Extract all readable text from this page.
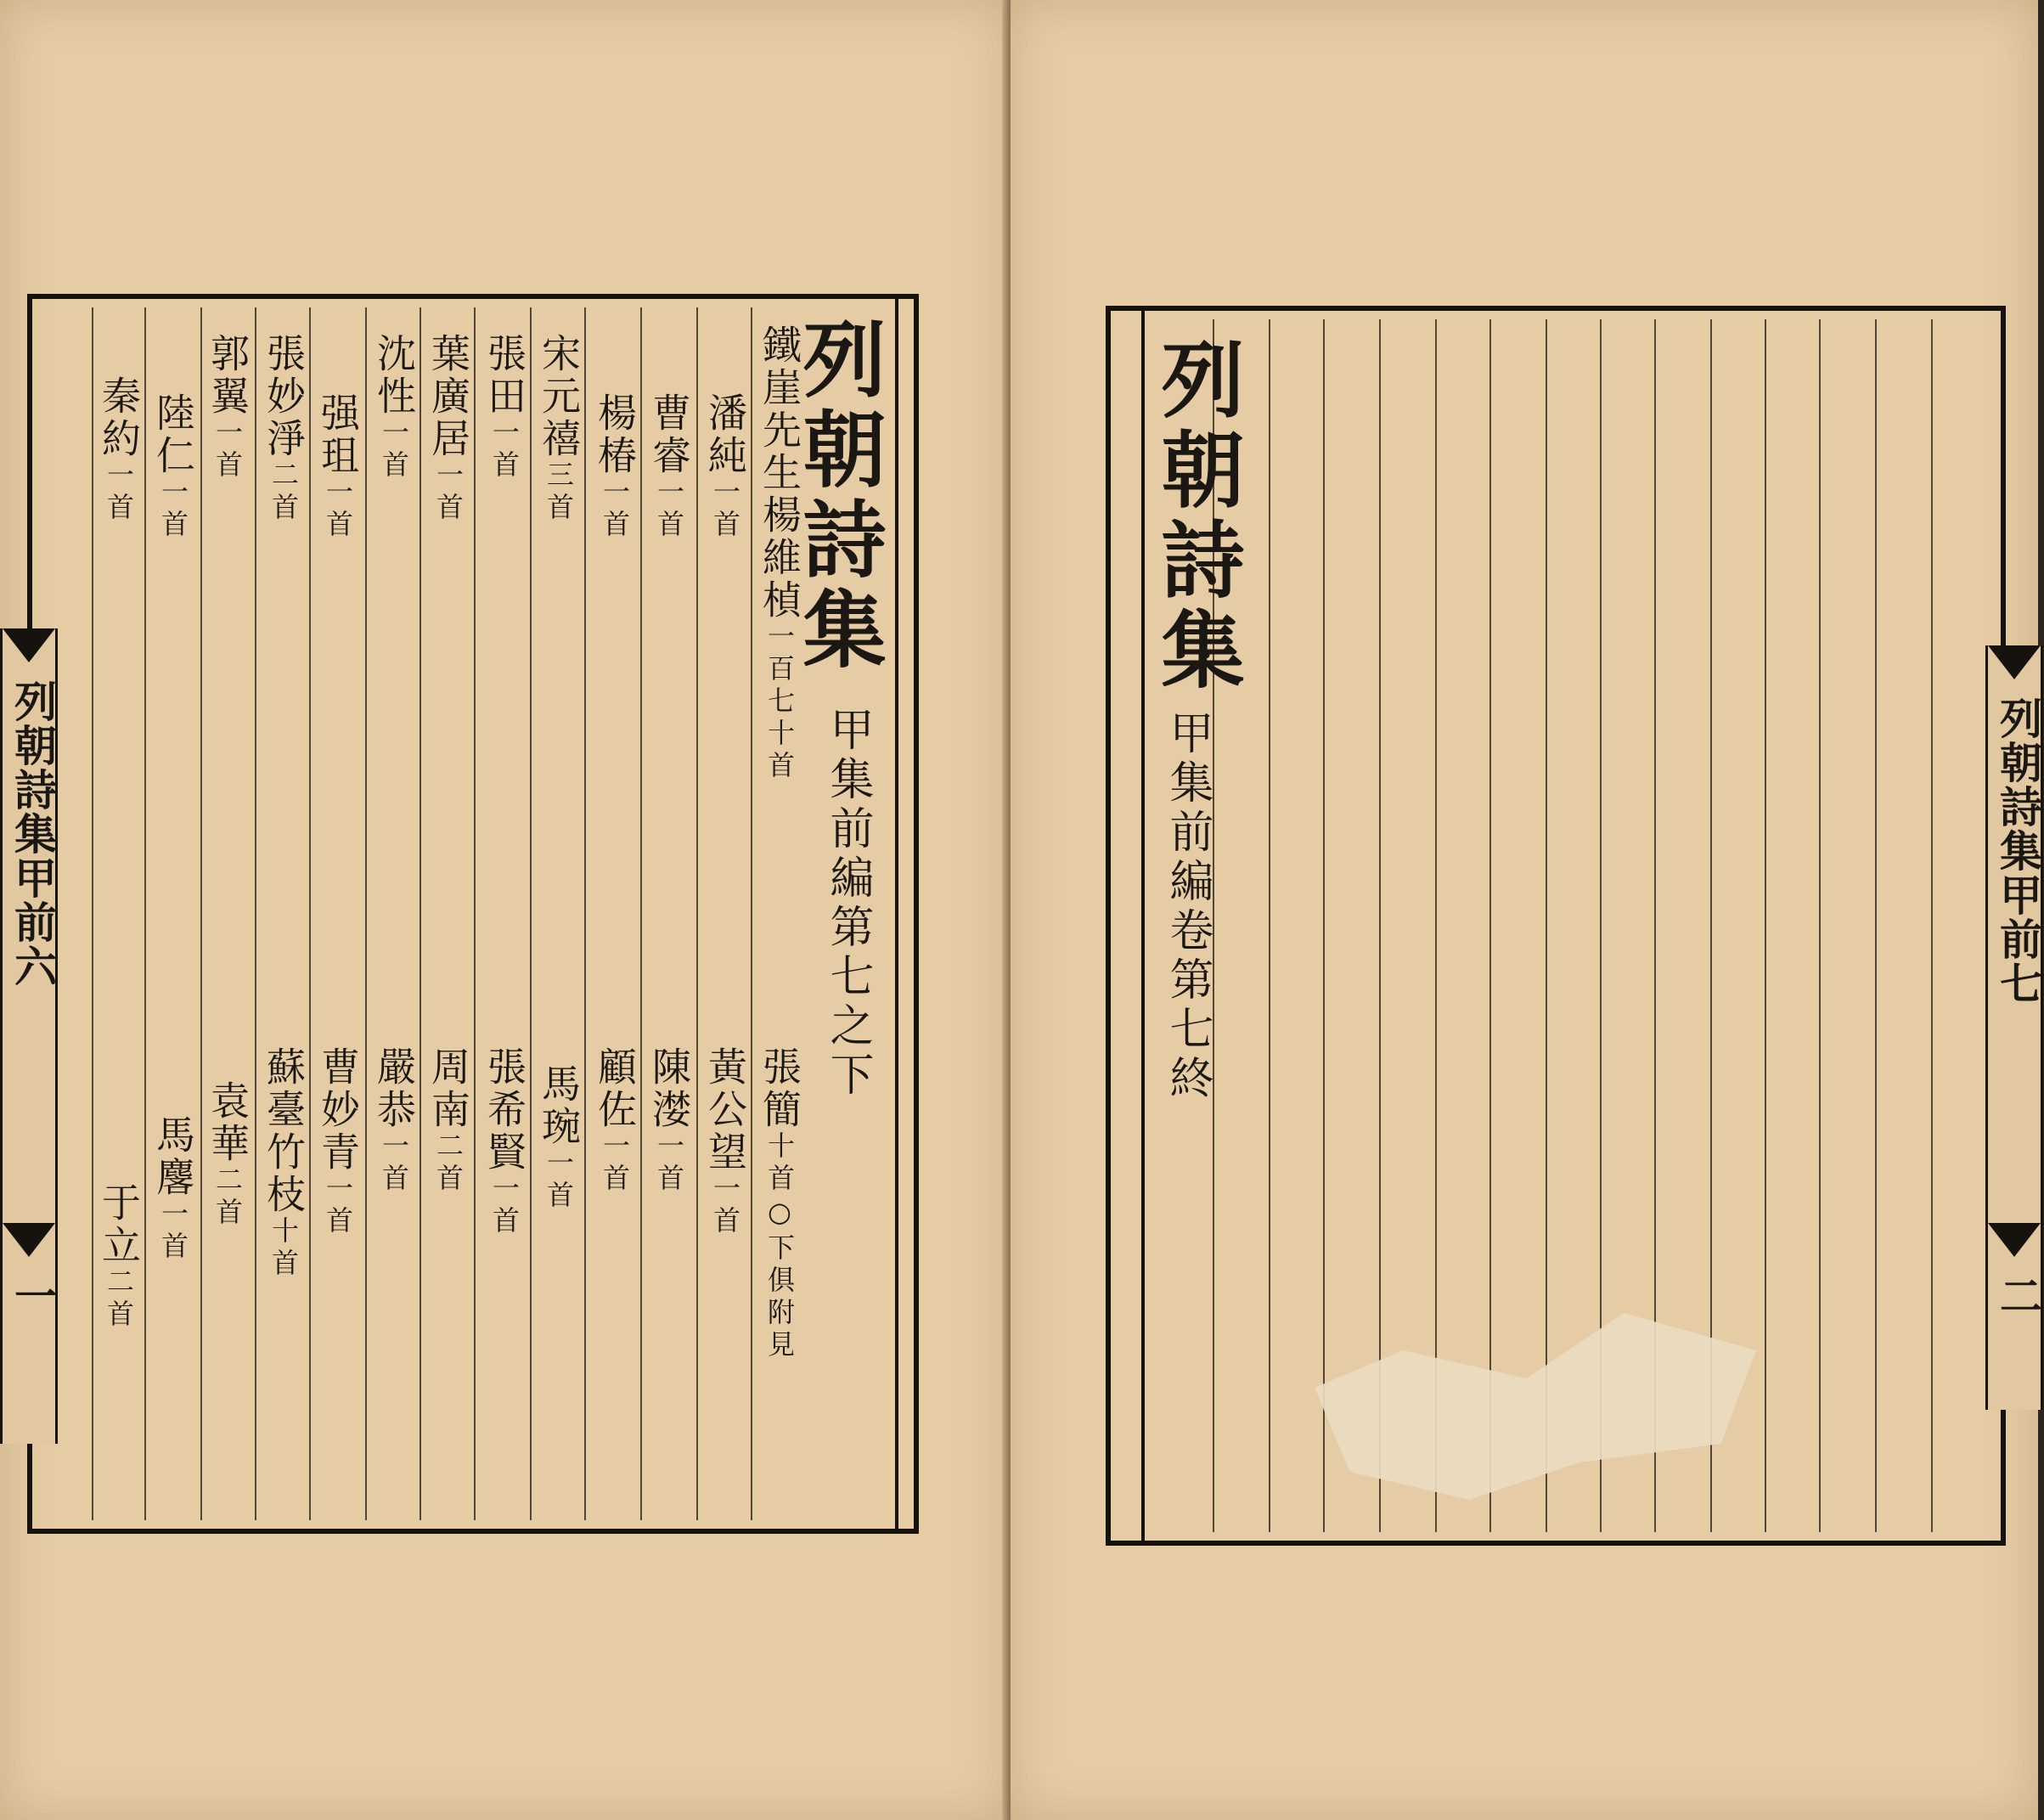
列朝詩集
甲集前編第七之下
鐵崖先生楊維楨一百七十首
張簡十首○下俱附見
潘純一首
黃公望一首
曹睿一首
陳漤一首
楊椿一首
顧佐一首
宋元禧三首
馬琬一首
張田一首
張希賢一首
葉廣居一首
周南二首
沈性一首
嚴恭一首
强珇一首
曹妙青一首
張妙淨二首
蘇臺竹枝十首
郭翼一首
袁華二首
陸仁一首
馬麐一首
秦約一首
于立二首
列朝詩集甲前六
一
列朝詩集
甲集前編卷第七終	列朝詩集甲前七
二
